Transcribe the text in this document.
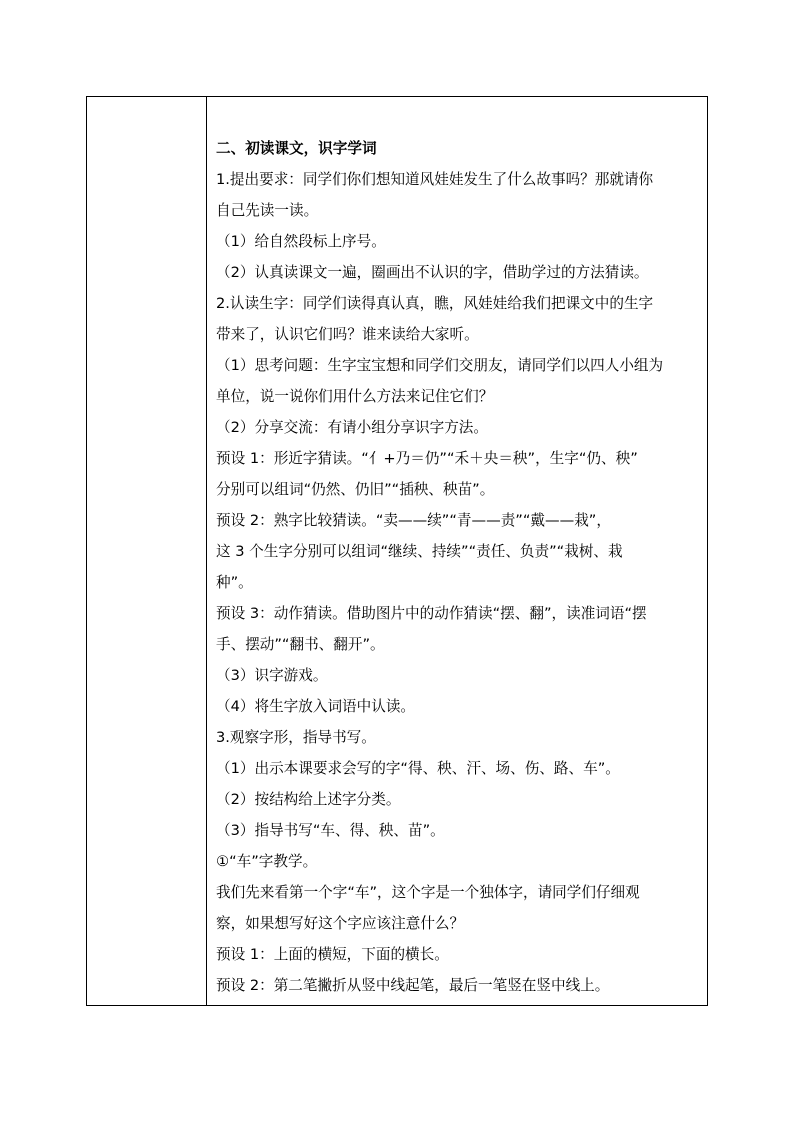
二、初读课文，识字学词

1.提出要求：同学们你们想知道风娃娃发生了什么故事吗？那就请你

自己先读一读。

（1）给自然段标上序号。

（2）认真读课文一遍，圈画出不认识的字，借助学过的方法猜读。

2.认读生字：同学们读得真认真，瞧，风娃娃给我们把课文中的生字

带来了，认识它们吗？谁来读给大家听。

（1）思考问题：生字宝宝想和同学们交朋友，请同学们以四人小组为

单位，说一说你们用什么方法来记住它们？

（2）分享交流：有请小组分享识字方法。

预设 1：形近字猜读。“亻+乃＝仍”“禾＋央＝秧”，生字“仍、秧”

分别可以组词“仍然、仍旧”“插秧、秧苗”。

预设 2：熟字比较猜读。“卖——续”“青——责”“戴——栽”，

这 3 个生字分别可以组词“继续、持续”“责任、负责”“栽树、栽

种”。

预设 3：动作猜读。借助图片中的动作猜读“摆、翻”，读准词语“摆

手、摆动”“翻书、翻开”。

（3）识字游戏。

（4）将生字放入词语中认读。

3.观察字形，指导书写。

（1）出示本课要求会写的字“得、秧、汗、场、伤、路、车”。

（2）按结构给上述字分类。

（3）指导书写“车、得、秧、苗”。

①“车”字教学。

我们先来看第一个字“车”，这个字是一个独体字，请同学们仔细观

察，如果想写好这个字应该注意什么？

预设 1：上面的横短，下面的横长。

预设 2：第二笔撇折从竖中线起笔，最后一笔竖在竖中线上。
